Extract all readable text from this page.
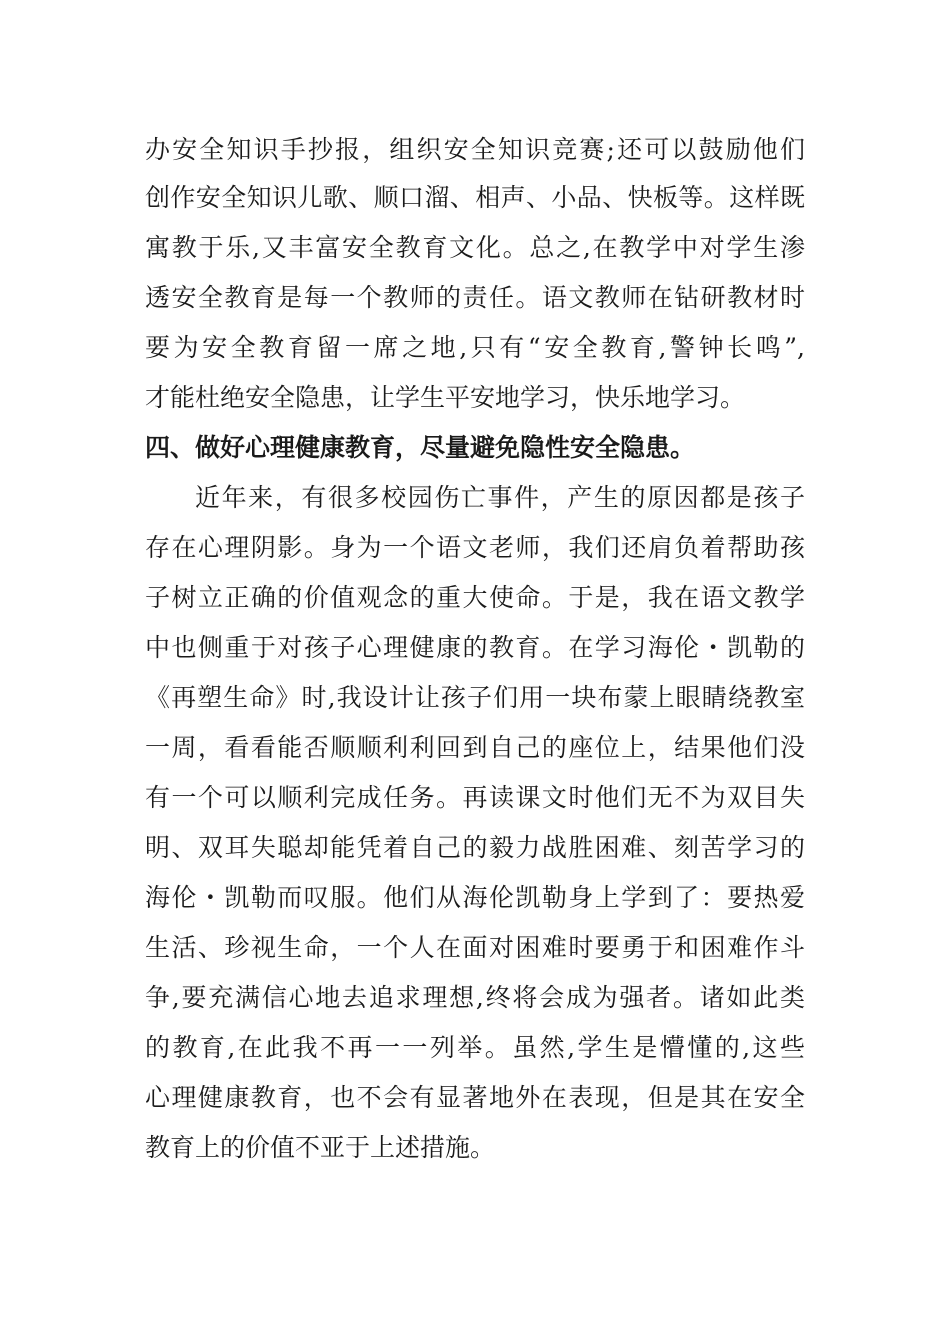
办安全知识手抄报，组织安全知识竞赛;还可以鼓励他们
创作安全知识儿歌、顺口溜、相声、小品、快板等。这样既
寓教于乐,又丰富安全教育文化。总之,在教学中对学生渗
透安全教育是每一个教师的责任。语文教师在钻研教材时
要为安全教育留一席之地,只有“安全教育,警钟长鸣”,
才能杜绝安全隐患，让学生平安地学习，快乐地学习。
四、做好心理健康教育，尽量避免隐性安全隐患。
近年来，有很多校园伤亡事件，产生的原因都是孩子
存在心理阴影。身为一个语文老师，我们还肩负着帮助孩
子树立正确的价值观念的重大使命。于是，我在语文教学
中也侧重于对孩子心理健康的教育。在学习海伦・凯勒的
《再塑生命》时,我设计让孩子们用一块布蒙上眼睛绕教室
一周，看看能否顺顺利利回到自己的座位上，结果他们没
有一个可以顺利完成任务。再读课文时他们无不为双目失
明、双耳失聪却能凭着自己的毅力战胜困难、刻苦学习的
海伦・凯勒而叹服。他们从海伦凯勒身上学到了：要热爱
生活、珍视生命，一个人在面对困难时要勇于和困难作斗
争,要充满信心地去追求理想,终将会成为强者。诸如此类
的教育,在此我不再一一列举。虽然,学生是懵懂的,这些
心理健康教育，也不会有显著地外在表现，但是其在安全
教育上的价值不亚于上述措施。
